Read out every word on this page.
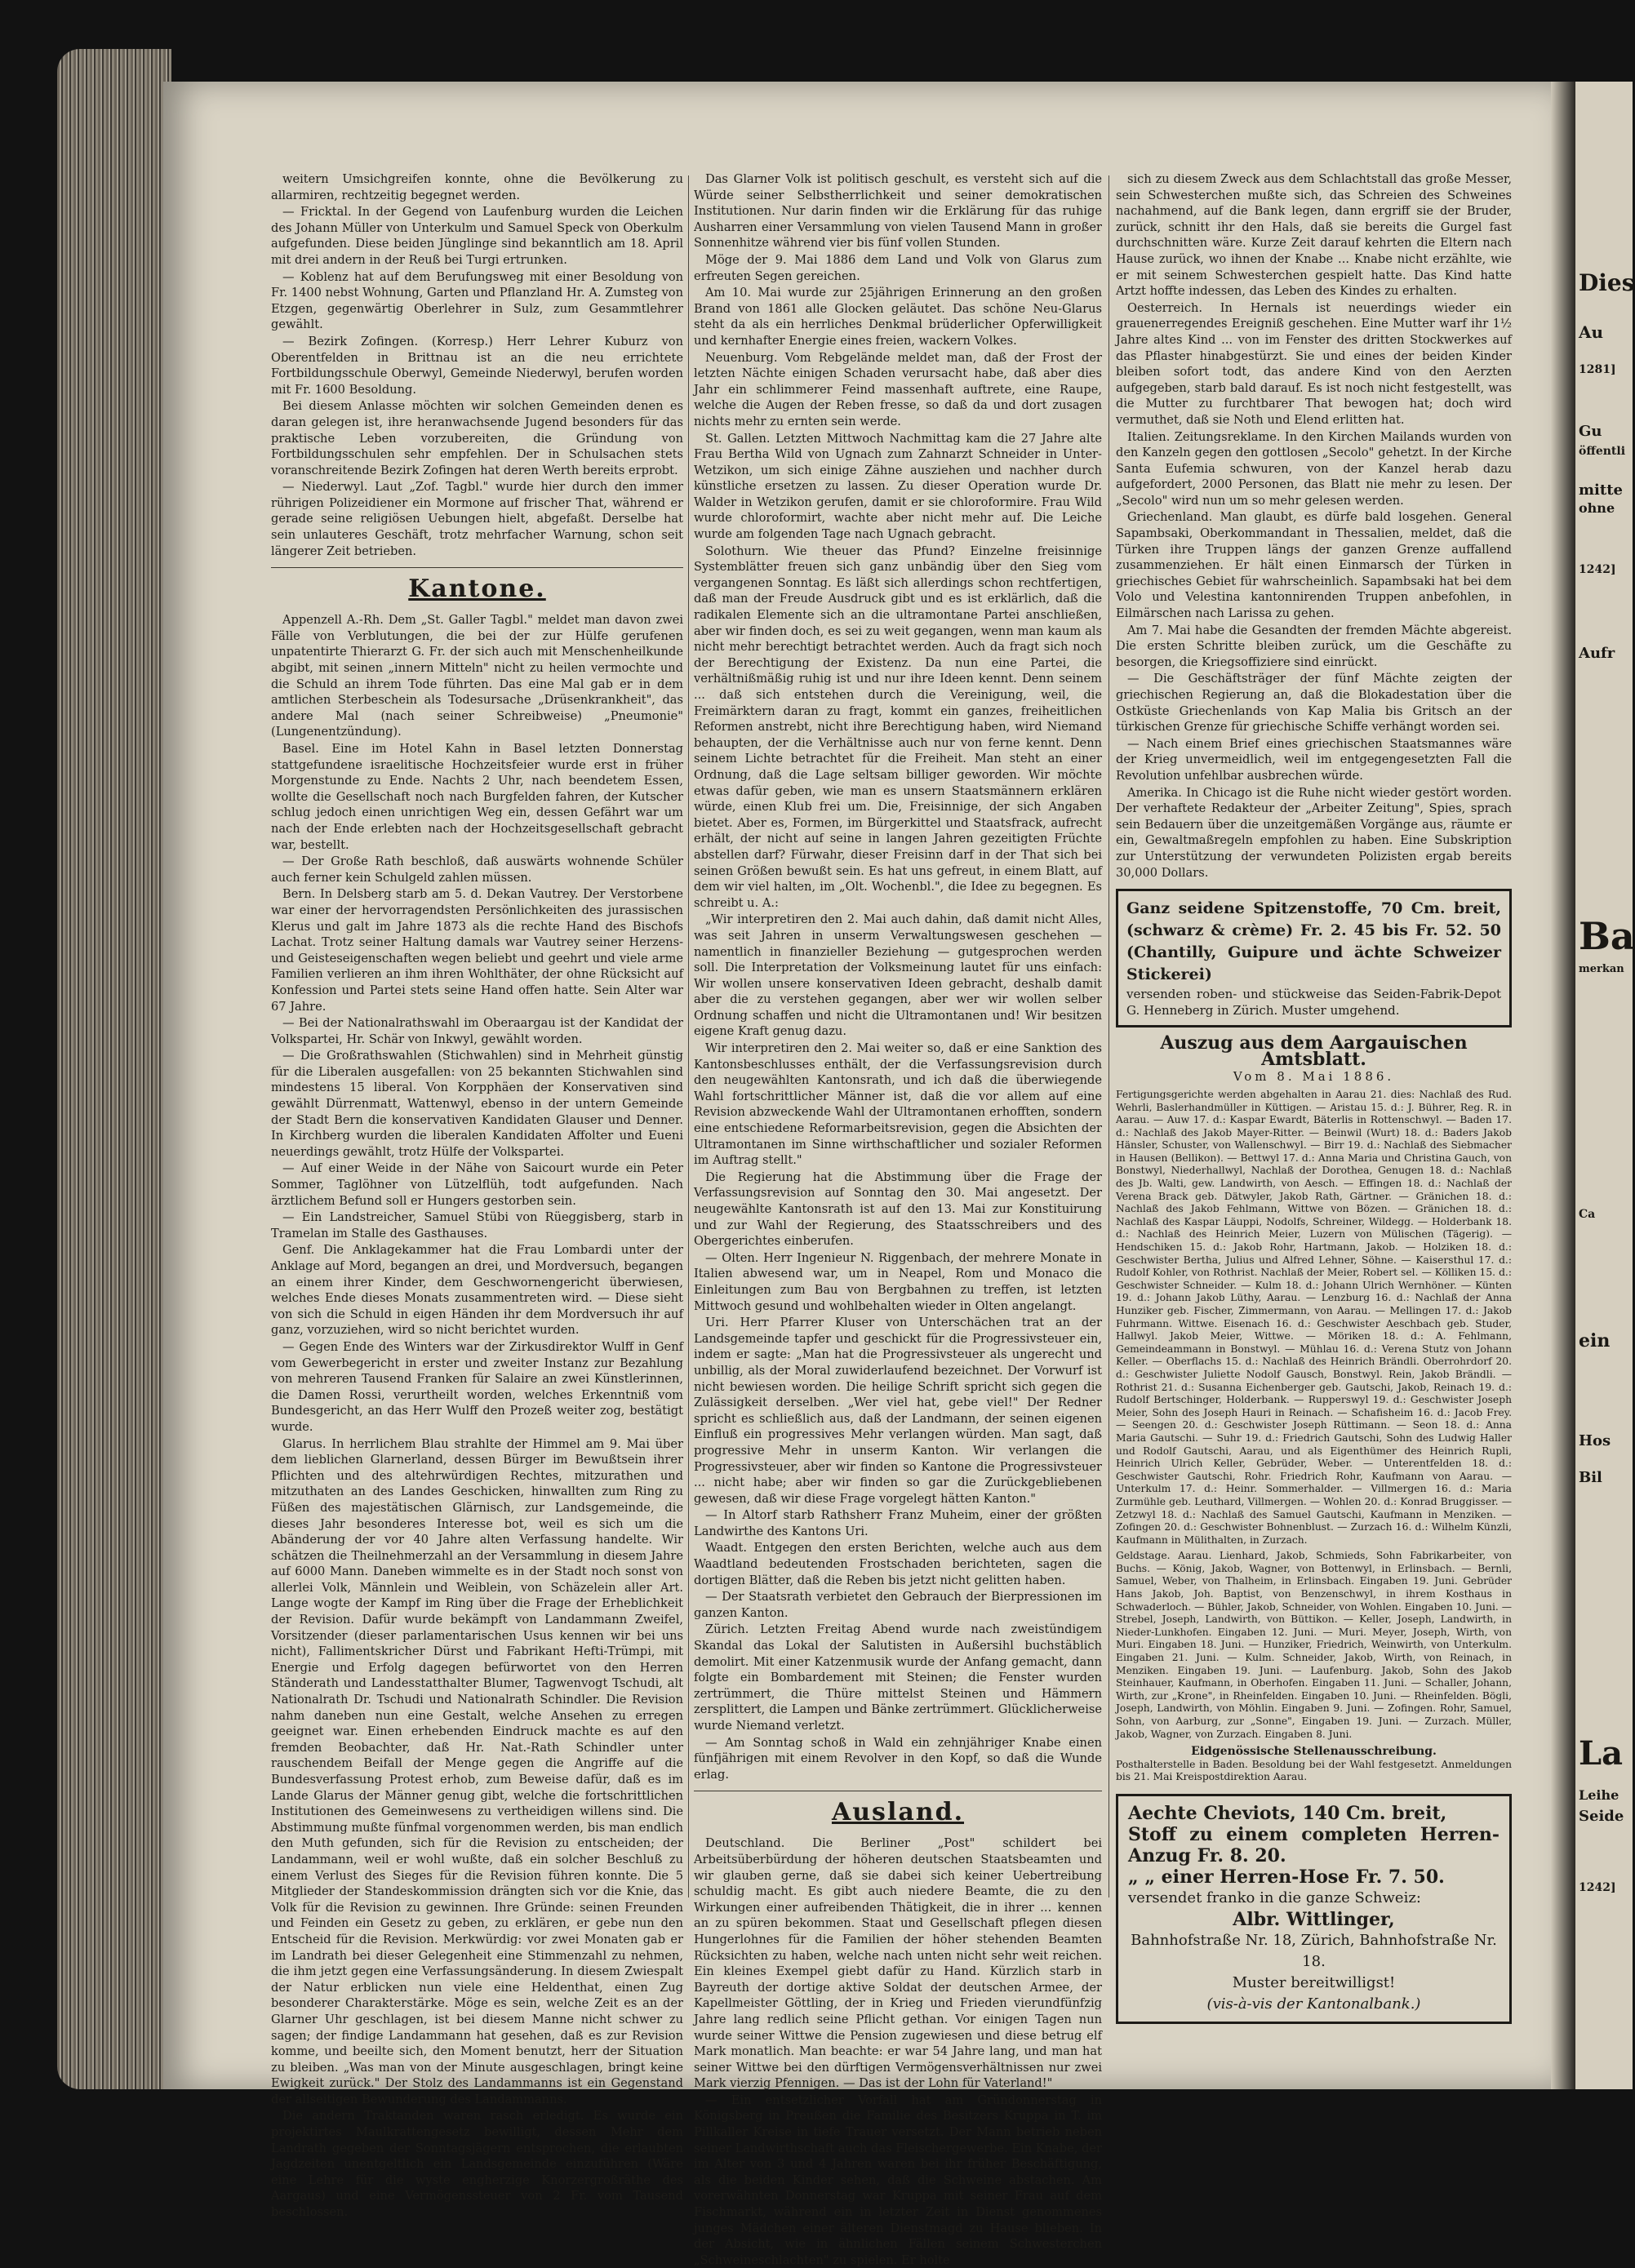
weitern Umsichgreifen konnte, ohne die Bevölkerung zu allarmiren, rechtzeitig begegnet werden.

— Fricktal. In der Gegend von Laufenburg wurden die Leichen des Johann Müller von Unterkulm und Samuel Speck von Oberkulm aufgefunden. Diese beiden Jünglinge sind bekanntlich am 18. April mit drei andern in der Reuß bei Turgi ertrunken.

— Koblenz hat auf dem Berufungsweg mit einer Besoldung von Fr. 1400 nebst Wohnung, Garten und Pflanzland Hr. A. Zumsteg von Etzgen, gegenwärtig Oberlehrer in Sulz, zum Gesammtlehrer gewählt.

— Bezirk Zofingen. (Korresp.) Herr Lehrer Kuburz von Oberentfelden in Brittnau ist an die neu errichtete Fortbildungsschule Oberwyl, Gemeinde Niederwyl, berufen worden mit Fr. 1600 Besoldung.

Bei diesem Anlasse möchten wir solchen Gemeinden denen es daran gelegen ist, ihre heranwachsende Jugend besonders für das praktische Leben vorzubereiten, die Gründung von Fortbildungsschulen sehr empfehlen. Der in Schulsachen stets voranschreitende Bezirk Zofingen hat deren Werth bereits erprobt.

— Niederwyl. Laut „Zof. Tagbl." wurde hier durch den immer rührigen Polizeidiener ein Mormone auf frischer That, während er gerade seine religiösen Uebungen hielt, abgefaßt. Derselbe hat sein unlauteres Geschäft, trotz mehrfacher Warnung, schon seit längerer Zeit betrieben.

Kantone.

Appenzell A.-Rh. Dem „St. Galler Tagbl." meldet man davon zwei Fälle von Verblutungen, die bei der zur Hülfe gerufenen unpatentirte Thierarzt G. Fr. der sich auch mit Menschenheilkunde abgibt, mit seinen „innern Mitteln" nicht zu heilen vermochte und die Schuld an ihrem Tode führten. Das eine Mal gab er in dem amtlichen Sterbeschein als Todesursache „Drüsenkrankheit", das andere Mal (nach seiner Schreibweise) „Pneumonie" (Lungenentzündung).

Basel. Eine im Hotel Kahn in Basel letzten Donnerstag stattgefundene israelitische Hochzeitsfeier wurde erst in früher Morgenstunde zu Ende. Nachts 2 Uhr, nach beendetem Essen, wollte die Gesellschaft noch nach Burgfelden fahren, der Kutscher schlug jedoch einen unrichtigen Weg ein, dessen Gefährt war um nach der Ende erlebten nach der Hochzeitsgesellschaft gebracht war, bestellt.

— Der Große Rath beschloß, daß auswärts wohnende Schüler auch ferner kein Schulgeld zahlen müssen.

Bern. In Delsberg starb am 5. d. Dekan Vautrey. Der Verstorbene war einer der hervorragendsten Persönlichkeiten des jurassischen Klerus und galt im Jahre 1873 als die rechte Hand des Bischofs Lachat. Trotz seiner Haltung damals war Vautrey seiner Herzens- und Geisteseigenschaften wegen beliebt und geehrt und viele arme Familien verlieren an ihm ihren Wohlthäter, der ohne Rücksicht auf Konfession und Partei stets seine Hand offen hatte. Sein Alter war 67 Jahre.

— Bei der Nationalrathswahl im Oberaargau ist der Kandidat der Volkspartei, Hr. Schär von Inkwyl, gewählt worden.

— Die Großrathswahlen (Stichwahlen) sind in Mehrheit günstig für die Liberalen ausgefallen: von 25 bekannten Stichwahlen sind mindestens 15 liberal. Von Korpphäen der Konservativen sind gewählt Dürrenmatt, Wattenwyl, ebenso in der untern Gemeinde der Stadt Bern die konservativen Kandidaten Glauser und Denner. In Kirchberg wurden die liberalen Kandidaten Affolter und Eueni neuerdings gewählt, trotz Hülfe der Volkspartei.

— Auf einer Weide in der Nähe von Saicourt wurde ein Peter Sommer, Taglöhner von Lützelflüh, todt aufgefunden. Nach ärztlichem Befund soll er Hungers gestorben sein.

— Ein Landstreicher, Samuel Stübi von Rüeggisberg, starb in Tramelan im Stalle des Gasthauses.

Genf. Die Anklagekammer hat die Frau Lombardi unter der Anklage auf Mord, begangen an drei, und Mordversuch, begangen an einem ihrer Kinder, dem Geschwornengericht überwiesen, welches Ende dieses Monats zusammentreten wird. — Diese sieht von sich die Schuld in eigen Händen ihr dem Mordversuch ihr auf ganz, vorzuziehen, wird so nicht berichtet wurden.

— Gegen Ende des Winters war der Zirkusdirektor Wulff in Genf vom Gewerbegericht in erster und zweiter Instanz zur Bezahlung von mehreren Tausend Franken für Salaire an zwei Künstlerinnen, die Damen Rossi, verurtheilt worden, welches Erkenntniß vom Bundesgericht, an das Herr Wulff den Prozeß weiter zog, bestätigt wurde.

Glarus. In herrlichem Blau strahlte der Himmel am 9. Mai über dem lieblichen Glarnerland, dessen Bürger im Bewußtsein ihrer Pflichten und des altehrwürdigen Rechtes, mitzurathen und mitzuthaten an des Landes Geschicken, hinwallten zum Ring zu Füßen des majestätischen Glärnisch, zur Landsgemeinde, die dieses Jahr besonderes Interesse bot, weil es sich um die Abänderung der vor 40 Jahre alten Verfassung handelte. Wir schätzen die Theilnehmerzahl an der Versammlung in diesem Jahre auf 6000 Mann. Daneben wimmelte es in der Stadt noch sonst von allerlei Volk, Männlein und Weiblein, von Schäzelein aller Art. Lange wogte der Kampf im Ring über die Frage der Erheblichkeit der Revision. Dafür wurde bekämpft von Landammann Zweifel, Vorsitzender (dieser parlamentarischen Usus kennen wir bei uns nicht), Fallimentskricher Dürst und Fabrikant Hefti-Trümpi, mit Energie und Erfolg dagegen befürwortet von den Herren Ständerath und Landesstatthalter Blumer, Tagwenvogt Tschudi, alt Nationalrath Dr. Tschudi und Nationalrath Schindler. Die Revision nahm daneben nun eine Gestalt, welche Ansehen zu erregen geeignet war. Einen erhebenden Eindruck machte es auf den fremden Beobachter, daß Hr. Nat.-Rath Schindler unter rauschendem Beifall der Menge gegen die Angriffe auf die Bundesverfassung Protest erhob, zum Beweise dafür, daß es im Lande Glarus der Männer genug gibt, welche die fortschrittlichen Institutionen des Gemeinwesens zu vertheidigen willens sind. Die Abstimmung mußte fünfmal vorgenommen werden, bis man endlich den Muth gefunden, sich für die Revision zu entscheiden; der Landammann, weil er wohl wußte, daß ein solcher Beschluß zu einem Verlust des Sieges für die Revision führen konnte. Die 5 Mitglieder der Standeskommission drängten sich vor die Knie, das Volk für die Revision zu gewinnen. Ihre Gründe: seinen Freunden und Feinden ein Gesetz zu geben, zu erklären, er gebe nun den Entscheid für die Revision. Merkwürdig: vor zwei Monaten gab er im Landrath bei dieser Gelegenheit eine Stimmenzahl zu nehmen, die ihm jetzt gegen eine Verfassungsänderung. In diesem Zwiespalt der Natur erblicken nun viele eine Heldenthat, einen Zug besonderer Charakterstärke. Möge es sein, welche Zeit es an der Glarner Uhr geschlagen, ist bei diesem Manne nicht schwer zu sagen; der findige Landammann hat gesehen, daß es zur Revision komme, und beeilte sich, den Moment benutzt, herr der Situation zu bleiben. „Was man von der Minute ausgeschlagen, bringt keine Ewigkeit zurück." Der Stolz des Landammanns ist ein Gegenstand der allseitigen Bewunderung des Landammanns.

Die andern Traktanden waren rasch erledigt. Es wurde ein projektirtes Maulkrattengesetz bewilligt, dessen Mehr dem Landrath gegeben der Sonntagsjägern entsprochen, die erlaubten Jagdzeiten unentgeltlich ein Landsgemeinde einzuführen (Wäre eine Lehre für die wyste engherzige Knorzergroßräthe des Aargaus) und eine Vermögenssteuer von 2 Fr. vom Tausend beschlossen.

Das Glarner Volk ist politisch geschult, es versteht sich auf die Würde seiner Selbstherrlichkeit und seiner demokratischen Institutionen. Nur darin finden wir die Erklärung für das ruhige Ausharren einer Versammlung von vielen Tausend Mann in großer Sonnenhitze während vier bis fünf vollen Stunden.

Möge der 9. Mai 1886 dem Land und Volk von Glarus zum erfreuten Segen gereichen.

Am 10. Mai wurde zur 25jährigen Erinnerung an den großen Brand von 1861 alle Glocken geläutet. Das schöne Neu-Glarus steht da als ein herrliches Denkmal brüderlicher Opferwilligkeit und kernhafter Energie eines freien, wackern Volkes.

Neuenburg. Vom Rebgelände meldet man, daß der Frost der letzten Nächte einigen Schaden verursacht habe, daß aber dies Jahr ein schlimmerer Feind massenhaft auftrete, eine Raupe, welche die Augen der Reben fresse, so daß da und dort zusagen nichts mehr zu ernten sein werde.

St. Gallen. Letzten Mittwoch Nachmittag kam die 27 Jahre alte Frau Bertha Wild von Ugnach zum Zahnarzt Schneider in Unter-Wetzikon, um sich einige Zähne ausziehen und nachher durch künstliche ersetzen zu lassen. Zu dieser Operation wurde Dr. Walder in Wetzikon gerufen, damit er sie chloroformire. Frau Wild wurde chloroformirt, wachte aber nicht mehr auf. Die Leiche wurde am folgenden Tage nach Ugnach gebracht.

Solothurn. Wie theuer das Pfund? Einzelne freisinnige Systemblätter freuen sich ganz unbändig über den Sieg vom vergangenen Sonntag. Es läßt sich allerdings schon rechtfertigen, daß man der Freude Ausdruck gibt und es ist erklärlich, daß die radikalen Elemente sich an die ultramontane Partei anschließen, aber wir finden doch, es sei zu weit gegangen, wenn man kaum als nicht mehr berechtigt betrachtet werden. Auch da fragt sich noch der Berechtigung der Existenz. Da nun eine Partei, die verhältnißmäßig ruhig ist und nur ihre Ideen kennt. Denn seinem ... daß sich entstehen durch die Vereinigung, weil, die Freimärktern daran zu fragt, kommt ein ganzes, freiheitlichen Reformen anstrebt, nicht ihre Berechtigung haben, wird Niemand behaupten, der die Verhältnisse auch nur von ferne kennt. Denn seinem Lichte betrachtet für die Freiheit. Man steht an einer Ordnung, daß die Lage seltsam billiger geworden. Wir möchte etwas dafür geben, wie man es unsern Staatsmännern erklären würde, einen Klub frei um. Die, Freisinnige, der sich Angaben bietet. Aber es, Formen, im Bürgerkittel und Staatsfrack, aufrecht erhält, der nicht auf seine in langen Jahren gezeitigten Früchte abstellen darf? Fürwahr, dieser Freisinn darf in der That sich bei seinen Größen bewußt sein. Es hat uns gefreut, in einem Blatt, auf dem wir viel halten, im „Olt. Wochenbl.", die Idee zu begegnen. Es schreibt u. A.:

„Wir interpretiren den 2. Mai auch dahin, daß damit nicht Alles, was seit Jahren in unserm Verwaltungswesen geschehen — namentlich in finanzieller Beziehung — gutgesprochen werden soll. Die Interpretation der Volksmeinung lautet für uns einfach: Wir wollen unsere konservativen Ideen gebracht, deshalb damit aber die zu verstehen gegangen, aber wer wir wollen selber Ordnung schaffen und nicht die Ultramontanen und! Wir besitzen eigene Kraft genug dazu.

Wir interpretiren den 2. Mai weiter so, daß er eine Sanktion des Kantonsbeschlusses enthält, der die Verfassungsrevision durch den neugewählten Kantonsrath, und ich daß die überwiegende Wahl fortschrittlicher Männer ist, daß die vor allem auf eine Revision abzweckende Wahl der Ultramontanen erhofften, sondern eine entschiedene Reformarbeitsrevision, gegen die Absichten der Ultramontanen im Sinne wirthschaftlicher und sozialer Reformen im Auftrag stellt."

Die Regierung hat die Abstimmung über die Frage der Verfassungsrevision auf Sonntag den 30. Mai angesetzt. Der neugewählte Kantonsrath ist auf den 13. Mai zur Konstituirung und zur Wahl der Regierung, des Staatsschreibers und des Obergerichtes einberufen.

— Olten. Herr Ingenieur N. Riggenbach, der mehrere Monate in Italien abwesend war, um in Neapel, Rom und Monaco die Einleitungen zum Bau von Bergbahnen zu treffen, ist letzten Mittwoch gesund und wohlbehalten wieder in Olten angelangt.

Uri. Herr Pfarrer Kluser von Unterschächen trat an der Landsgemeinde tapfer und geschickt für die Progressivsteuer ein, indem er sagte: „Man hat die Progressivsteuer als ungerecht und unbillig, als der Moral zuwiderlaufend bezeichnet. Der Vorwurf ist nicht bewiesen worden. Die heilige Schrift spricht sich gegen die Zulässigkeit derselben. „Wer viel hat, gebe viel!" Der Redner spricht es schließlich aus, daß der Landmann, der seinen eigenen Einfluß ein progressives Mehr verlangen würden. Man sagt, daß progressive Mehr in unserm Kanton. Wir verlangen die Progressivsteuer, aber wir finden so Kantone die Progressivsteuer ... nicht habe; aber wir finden so gar die Zurückgebliebenen gewesen, daß wir diese Frage vorgelegt hätten Kanton."

— In Altorf starb Rathsherr Franz Muheim, einer der größten Landwirthe des Kantons Uri.

Waadt. Entgegen den ersten Berichten, welche auch aus dem Waadtland bedeutenden Frostschaden berichteten, sagen die dortigen Blätter, daß die Reben bis jetzt nicht gelitten haben.

— Der Staatsrath verbietet den Gebrauch der Bierpressionen im ganzen Kanton.

Zürich. Letzten Freitag Abend wurde nach zweistündigem Skandal das Lokal der Salutisten in Außersihl buchstäblich demolirt. Mit einer Katzenmusik wurde der Anfang gemacht, dann folgte ein Bombardement mit Steinen; die Fenster wurden zertrümmert, die Thüre mittelst Steinen und Hämmern zersplittert, die Lampen und Bänke zertrümmert. Glücklicherweise wurde Niemand verletzt.

— Am Sonntag schoß in Wald ein zehnjähriger Knabe einen fünfjährigen mit einem Revolver in den Kopf, so daß die Wunde erlag.

Ausland.

Deutschland. Die Berliner „Post" schildert bei Arbeitsüberbürdung der höheren deutschen Staatsbeamten und wir glauben gerne, daß sie dabei sich keiner Uebertreibung schuldig macht. Es gibt auch niedere Beamte, die zu den Wirkungen einer aufreibenden Thätigkeit, die in ihrer ... kennen an zu spüren bekommen. Staat und Gesellschaft pflegen diesen Hungerlohnes für die Familien der höher stehenden Beamten Rücksichten zu haben, welche nach unten nicht sehr weit reichen. Ein kleines Exempel giebt dafür zu Hand. Kürzlich starb in Bayreuth der dortige aktive Soldat der deutschen Armee, der Kapellmeister Göttling, der in Krieg und Frieden vierundfünfzig Jahre lang redlich seine Pflicht gethan. Vor einigen Tagen nun wurde seiner Wittwe die Pension zugewiesen und diese betrug elf Mark monatlich. Man beachte: er war 54 Jahre lang, und man hat seiner Wittwe bei den dürftigen Vermögensverhältnissen nur zwei Mark vierzig Pfennigen. — Das ist der Lohn für Vaterland!"

— Ein entsetzlicher Vorfall hat am Gründonnerstag in Königsberg in Preußen die Familie des Besitzers Kruppa in T. im Pillkaller Kreise in tiefe Trauer versetzt. Der Mann betrieb neben seiner Landwirthschaft auch das Fleischergewerbe. Ein Knabe, der im Alter von 3 und 4 Jahren waren bei ihr früher Beschäftigung, als die beiden Kinder sehen, daß die Schweine abstachen. Am vorerwähnten Donnerstag war Kruppa mit seiner Frau auf dem Fischmarkt, während ein in letzter Zeit in Dienst genommenes junges Mädchen einer älteren Dienstmagd zu Hause blieben. In der Absicht, wie in ähnlichen Fällen seinem Schwesterchen „Schweineschlachten" zu spielen. Er holte

sich zu diesem Zweck aus dem Schlachtstall das große Messer, sein Schwesterchen mußte sich, das Schreien des Schweines nachahmend, auf die Bank legen, dann ergriff sie der Bruder, zurück, schnitt ihr den Hals, daß sie bereits die Gurgel fast durchschnitten wäre. Kurze Zeit darauf kehrten die Eltern nach Hause zurück, wo ihnen der Knabe ... Knabe nicht erzählte, wie er mit seinem Schwesterchen gespielt hatte. Das Kind hatte Artzt hoffte indessen, das Leben des Kindes zu erhalten.

Oesterreich. In Hernals ist neuerdings wieder ein grauenerregendes Ereigniß geschehen. Eine Mutter warf ihr 1½ Jahre altes Kind ... von im Fenster des dritten Stockwerkes auf das Pflaster hinabgestürzt. Sie und eines der beiden Kinder bleiben sofort todt, das andere Kind von den Aerzten aufgegeben, starb bald darauf. Es ist noch nicht festgestellt, was die Mutter zu furchtbarer That bewogen hat; doch wird vermuthet, daß sie Noth und Elend erlitten hat.

Italien. Zeitungsreklame. In den Kirchen Mailands wurden von den Kanzeln gegen den gottlosen „Secolo" gehetzt. In der Kirche Santa Eufemia schwuren, von der Kanzel herab dazu aufgefordert, 2000 Personen, das Blatt nie mehr zu lesen. Der „Secolo" wird nun um so mehr gelesen werden.

Griechenland. Man glaubt, es dürfe bald losgehen. General Sapambsaki, Oberkommandant in Thessalien, meldet, daß die Türken ihre Truppen längs der ganzen Grenze auffallend zusammenziehen. Er hält einen Einmarsch der Türken in griechisches Gebiet für wahrscheinlich. Sapambsaki hat bei dem Volo und Velestina kantonnirenden Truppen anbefohlen, in Eilmärschen nach Larissa zu gehen.

Am 7. Mai habe die Gesandten der fremden Mächte abgereist. Die ersten Schritte bleiben zurück, um die Geschäfte zu besorgen, die Kriegsoffiziere sind einrückt.

— Die Geschäftsträger der fünf Mächte zeigten der griechischen Regierung an, daß die Blokadestation über die Ostküste Griechenlands von Kap Malia bis Gritsch an der türkischen Grenze für griechische Schiffe verhängt worden sei.

— Nach einem Brief eines griechischen Staatsmannes wäre der Krieg unvermeidlich, weil im entgegengesetzten Fall die Revolution unfehlbar ausbrechen würde.

Amerika. In Chicago ist die Ruhe nicht wieder gestört worden. Der verhaftete Redakteur der „Arbeiter Zeitung", Spies, sprach sein Bedauern über die unzeitgemäßen Vorgänge aus, räumte er ein, Gewaltmaßregeln empfohlen zu haben. Eine Subskription zur Unterstützung der verwundeten Polizisten ergab bereits 30,000 Dollars.

Ganz seidene Spitzenstoffe, 70 Cm. breit, (schwarz & crème) Fr. 2. 45 bis Fr. 52. 50 (Chantilly, Guipure und ächte Schweizer Stickerei)
versenden roben- und stückweise das Seiden-Fabrik-Depot G. Henneberg in Zürich. Muster umgehend.
Auszug aus dem Aargauischen Amtsblatt.
Vom 8. Mai 1886.
Fertigungsgerichte werden abgehalten in Aarau 21. dies: Nachlaß des Rud. Wehrli, Baslerhandmüller in Küttigen. — Aristau 15. d.: J. Bührer, Reg. R. in Aarau. — Auw 17. d.: Kaspar Ewardt, Bäterlis in Rottenschwyl. — Baden 17. d.: Nachlaß des Jakob Mayer-Ritter. — Beinwil (Wurt) 18. d.: Baders Jakob Hänsler, Schuster, von Wallenschwyl. — Birr 19. d.: Nachlaß des Siebmacher in Hausen (Bellikon). — Bettwyl 17. d.: Anna Maria und Christina Gauch, von Bonstwyl, Niederhallwyl, Nachlaß der Dorothea, Genugen 18. d.: Nachlaß des Jb. Walti, gew. Landwirth, von Aesch. — Effingen 18. d.: Nachlaß der Verena Brack geb. Dätwyler, Jakob Rath, Gärtner. — Gränichen 18. d.: Nachlaß des Jakob Fehlmann, Wittwe von Bözen. — Gränichen 18. d.: Nachlaß des Kaspar Läuppi, Nodolfs, Schreiner, Wildegg. — Holderbank 18. d.: Nachlaß des Heinrich Meier, Luzern von Mülischen (Tägerig). — Hendschiken 15. d.: Jakob Rohr, Hartmann, Jakob. — Holziken 18. d.: Geschwister Bertha, Julius und Alfred Lehner, Söhne. — Kaisersthul 17. d.: Rudolf Kohler, von Rothrist. Nachlaß der Meier, Robert sel. — Kölliken 15. d.: Geschwister Schneider. — Kulm 18. d.: Johann Ulrich Wernhöner. — Künten 19. d.: Johann Jakob Lüthy, Aarau. — Lenzburg 16. d.: Nachlaß der Anna Hunziker geb. Fischer, Zimmermann, von Aarau. — Mellingen 17. d.: Jakob Fuhrmann. Wittwe. Eisenach 16. d.: Geschwister Aeschbach geb. Studer, Hallwyl. Jakob Meier, Wittwe. — Möriken 18. d.: A. Fehlmann, Gemeindeammann in Bonstwyl. — Mühlau 16. d.: Verena Stutz von Johann Keller. — Oberflachs 15. d.: Nachlaß des Heinrich Brändli. Oberrohrdorf 20. d.: Geschwister Juliette Nodolf Gausch, Bonstwyl. Rein, Jakob Brändli. — Rothrist 21. d.: Susanna Eichenberger geb. Gautschi, Jakob, Reinach 19. d.: Rudolf Bertschinger, Holderbank. — Rupperswyl 19. d.: Geschwister Joseph Meier, Sohn des Joseph Hauri in Reinach. — Schafisheim 16. d.: Jacob Frey. — Seengen 20. d.: Geschwister Joseph Rüttimann. — Seon 18. d.: Anna Maria Gautschi. — Suhr 19. d.: Friedrich Gautschi, Sohn des Ludwig Haller und Rodolf Gautschi, Aarau, und als Eigenthümer des Heinrich Rupli, Heinrich Ulrich Keller, Gebrüder, Weber. — Unterentfelden 18. d.: Geschwister Gautschi, Rohr. Friedrich Rohr, Kaufmann von Aarau. — Unterkulm 17. d.: Heinr. Sommerhalder. — Villmergen 16. d.: Maria Zurmühle geb. Leuthard, Villmergen. — Wohlen 20. d.: Konrad Bruggisser. — Zetzwyl 18. d.: Nachlaß des Samuel Gautschi, Kaufmann in Menziken. — Zofingen 20. d.: Geschwister Bohnenblust. — Zurzach 16. d.: Wilhelm Künzli, Kaufmann in Mülithalten, in Zurzach.
Geldstage. Aarau. Lienhard, Jakob, Schmieds, Sohn Fabrikarbeiter, von Buchs. — König, Jakob, Wagner, von Bottenwyl, in Erlinsbach. — Bernli, Samuel, Weber, von Thalheim, in Erlinsbach. Eingaben 19. Juni. Gebrüder Hans Jakob, Joh. Baptist, von Benzenschwyl, in ihrem Kosthaus in Schwaderloch. — Bühler, Jakob, Schneider, von Wohlen. Eingaben 10. Juni. — Strebel, Joseph, Landwirth, von Büttikon. — Keller, Joseph, Landwirth, in Nieder-Lunkhofen. Eingaben 12. Juni. — Muri. Meyer, Joseph, Wirth, von Muri. Eingaben 18. Juni. — Hunziker, Friedrich, Weinwirth, von Unterkulm. Eingaben 21. Juni. — Kulm. Schneider, Jakob, Wirth, von Reinach, in Menziken. Eingaben 19. Juni. — Laufenburg. Jakob, Sohn des Jakob Steinhauer, Kaufmann, in Oberhofen. Eingaben 11. Juni. — Schaller, Johann, Wirth, zur „Krone", in Rheinfelden. Eingaben 10. Juni. — Rheinfelden. Bögli, Joseph, Landwirth, von Möhlin. Eingaben 9. Juni. — Zofingen. Rohr, Samuel, Sohn, von Aarburg, zur „Sonne", Eingaben 19. Juni. — Zurzach. Müller, Jakob, Wagner, von Zurzach. Eingaben 8. Juni.
Eidgenössische Stellenausschreibung.
Posthalterstelle in Baden. Besoldung bei der Wahl festgesetzt. Anmeldungen bis 21. Mai Kreispostdirektion Aarau.
Aechte Cheviots, 140 Cm. breit,
Stoff zu einem completen Herren-Anzug Fr. 8. 20.
„ „ einer Herren-Hose Fr. 7. 50.
versendet franko in die ganze Schweiz:
Albr. Wittlinger,
Bahnhofstraße Nr. 18, Zürich, Bahnhofstraße Nr. 18.
Muster bereitwilligst!
(vis-à-vis der Kantonalbank.)
Dies
Au
1281]
Gu
öffentli
mitte
ohne
1242]
Aufr
Ba
merkan
Ca
ein
Hos
Bil
La
Leihe
Seide
1242]
